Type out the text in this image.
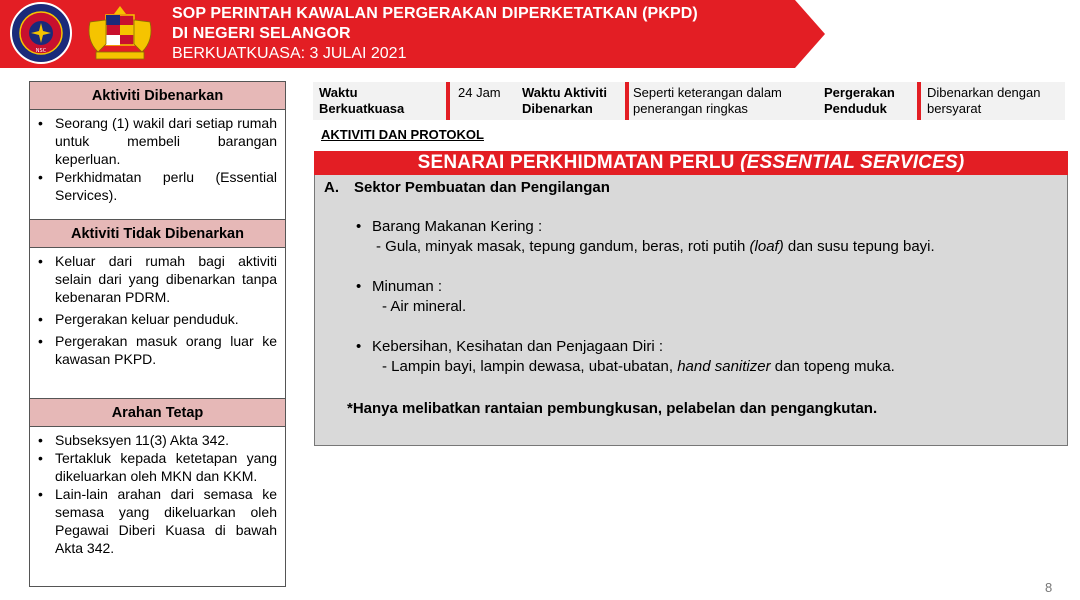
NSC
SOP PERINTAH KAWALAN PERGERAKAN DIPERKETATKAN (PKPD)
DI NEGERI SELANGOR
BERKUATKUASA: 3 JULAI 2021
Aktiviti Dibenarkan
• Seorang (1) wakil dari setiap rumah untuk membeli barangan keperluan.
• Perkhidmatan perlu (Essential Services).
Aktiviti Tidak Dibenarkan
• Keluar dari rumah bagi aktiviti selain dari yang dibenarkan tanpa kebenaran PDRM.
• Pergerakan keluar penduduk.
• Pergerakan masuk orang luar ke kawasan PKPD.
Arahan Tetap
• Subseksyen 11(3) Akta 342.
• Tertakluk kepada ketetapan yang dikeluarkan oleh MKN dan KKM.
• Lain-lain arahan dari semasa ke semasa yang dikeluarkan oleh Pegawai Diberi Kuasa di bawah Akta 342.
Waktu Berkuatkuasa
24 Jam	Waktu Aktiviti Dibenarkan
Seperti keterangan dalam penerangan ringkas
Pergerakan Penduduk
Dibenarkan dengan bersyarat
AKTIVITI DAN PROTOKOL
SENARAI PERKHIDMATAN PERLU (ESSENTIAL SERVICES)
A. Sektor Pembuatan dan Pengilangan
• Barang Makanan Kering :
- Gula, minyak masak, tepung gandum, beras, roti putih (loaf) dan susu tepung bayi.
• Minuman :
- Air mineral.
• Kebersihan, Kesihatan dan Penjagaan Diri :
- Lampin bayi, lampin dewasa, ubat-ubatan, hand sanitizer dan topeng muka.
*Hanya melibatkan rantaian pembungkusan, pelabelan dan pengangkutan.
8
